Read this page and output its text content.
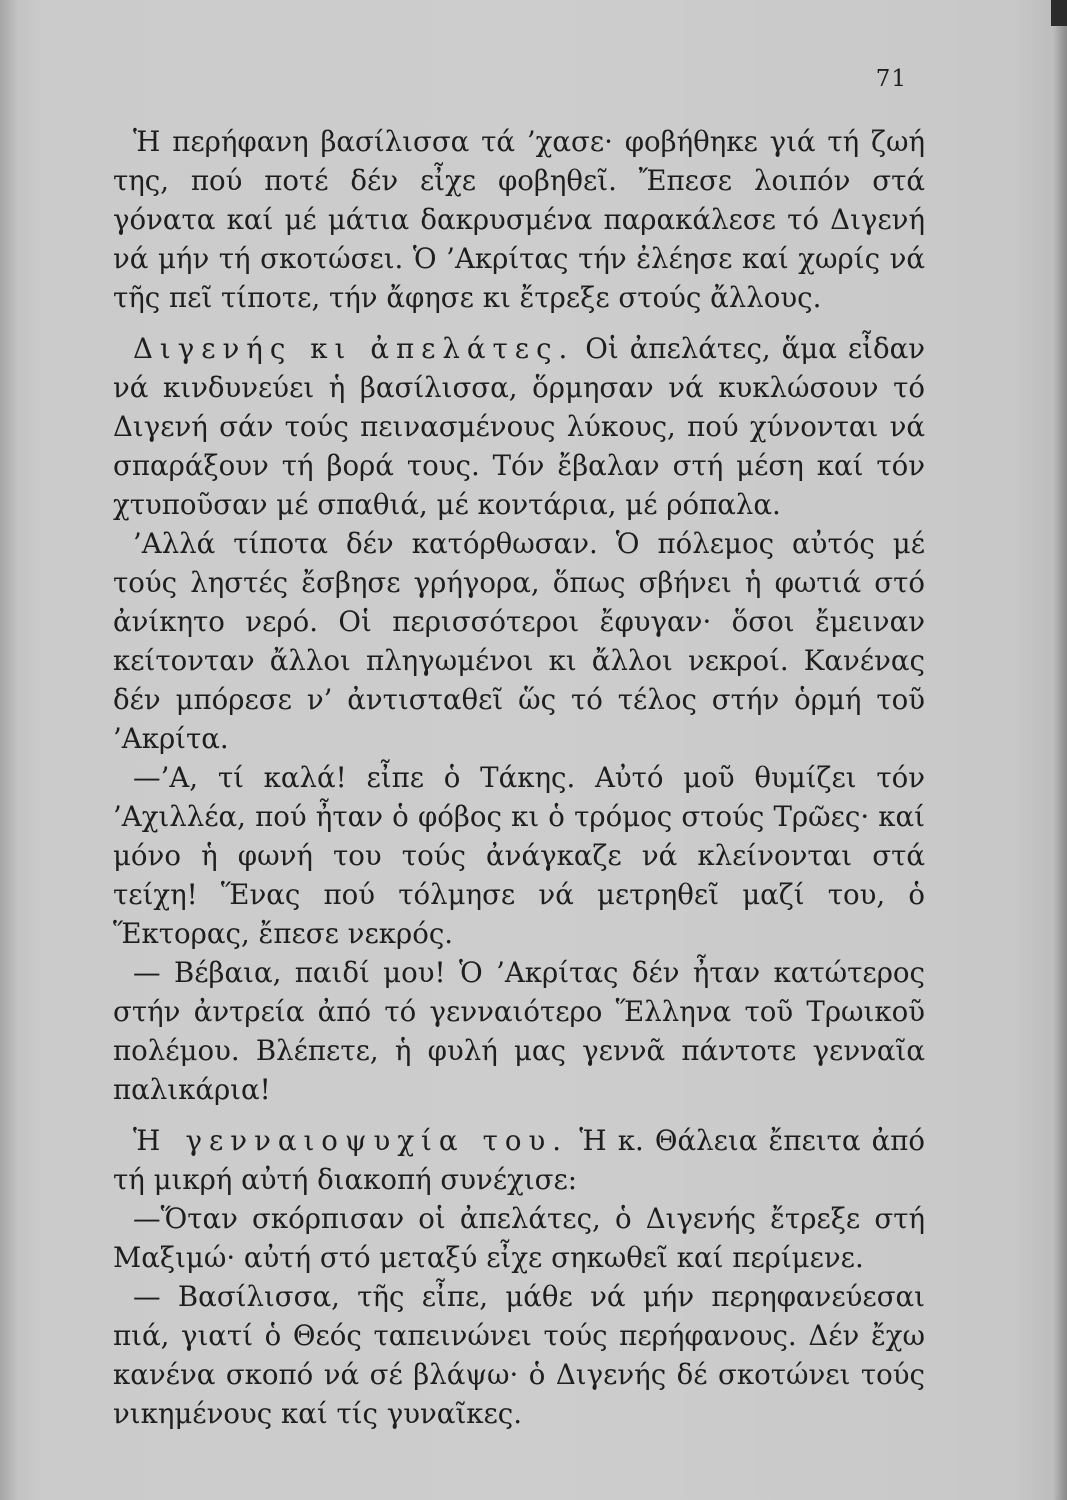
71

Ἡ περήφανη βασίλισσα τά ’χασε· φοβήθηκε γιά τή ζωή της, πού ποτέ δέν εἶχε φοβηθεῖ. Ἔπεσε λοιπόν στά γόνατα καί μέ μάτια δακρυσμένα παρακάλεσε τό Διγενή νά μήν τή σκοτώσει. Ὁ ’Ακρίτας τήν ἐλέησε καί χωρίς νά τῆς πεῖ τίποτε, τήν ἄφησε κι ἔτρεξε στούς ἄλλους.

Διγενής κι ἀπελάτες. Οἱ ἀπελάτες, ἅμα εἶδαν νά κινδυνεύει ἡ βασίλισσα, ὅρμησαν νά κυκλώσουν τό Διγενή σάν τούς πεινασμένους λύκους, πού χύνονται νά σπαράξουν τή βορά τους. Τόν ἔβαλαν στή μέση καί τόν χτυποῦσαν μέ σπαθιά, μέ κοντάρια, μέ ρόπαλα.

’Αλλά τίποτα δέν κατόρθωσαν. Ὁ πόλεμος αὐτός μέ τούς ληστές ἔσβησε γρήγορα, ὅπως σβήνει ἡ φωτιά στό ἀνίκητο νερό. Οἱ περισσότεροι ἔφυγαν· ὅσοι ἔμειναν κείτονταν ἄλλοι πληγωμένοι κι ἄλλοι νεκροί. Κανένας δέν μπόρεσε ν’ ἀντισταθεῖ ὥς τό τέλος στήν ὁρμή τοῦ ’Ακρίτα.

—’Α, τί καλά! εἶπε ὁ Τάκης. Αὐτό μοῦ θυμίζει τόν ’Αχιλλέα, πού ἦταν ὁ φόβος κι ὁ τρόμος στούς Τρῶες· καί μόνο ἡ φωνή του τούς ἀνάγκαζε νά κλείνονται στά τείχη! Ἕνας πού τόλμησε νά μετρηθεῖ μαζί του, ὁ Ἕκτορας, ἔπεσε νεκρός.

— Βέβαια, παιδί μου! Ὁ ’Ακρίτας δέν ἦταν κατώτερος στήν ἀντρεία ἀπό τό γενναιότερο Ἕλληνα τοῦ Τρωικοῦ πολέμου. Βλέπετε, ἡ φυλή μας γεννᾶ πάντοτε γενναῖα παλικάρια!

Ἡ γενναιοψυχία του. Ἡ κ. Θάλεια ἔπειτα ἀπό τή μικρή αὐτή διακοπή συνέχισε:

—Ὅταν σκόρπισαν οἱ ἀπελάτες, ὁ Διγενής ἔτρεξε στή Μαξιμώ· αὐτή στό μεταξύ εἶχε σηκωθεῖ καί περίμενε.

— Βασίλισσα, τῆς εἶπε, μάθε νά μήν περηφανεύεσαι πιά, γιατί ὁ Θεός ταπεινώνει τούς περήφανους. Δέν ἔχω κανένα σκοπό νά σέ βλάψω· ὁ Διγενής δέ σκοτώνει τούς νικημένους καί τίς γυναῖκες.
